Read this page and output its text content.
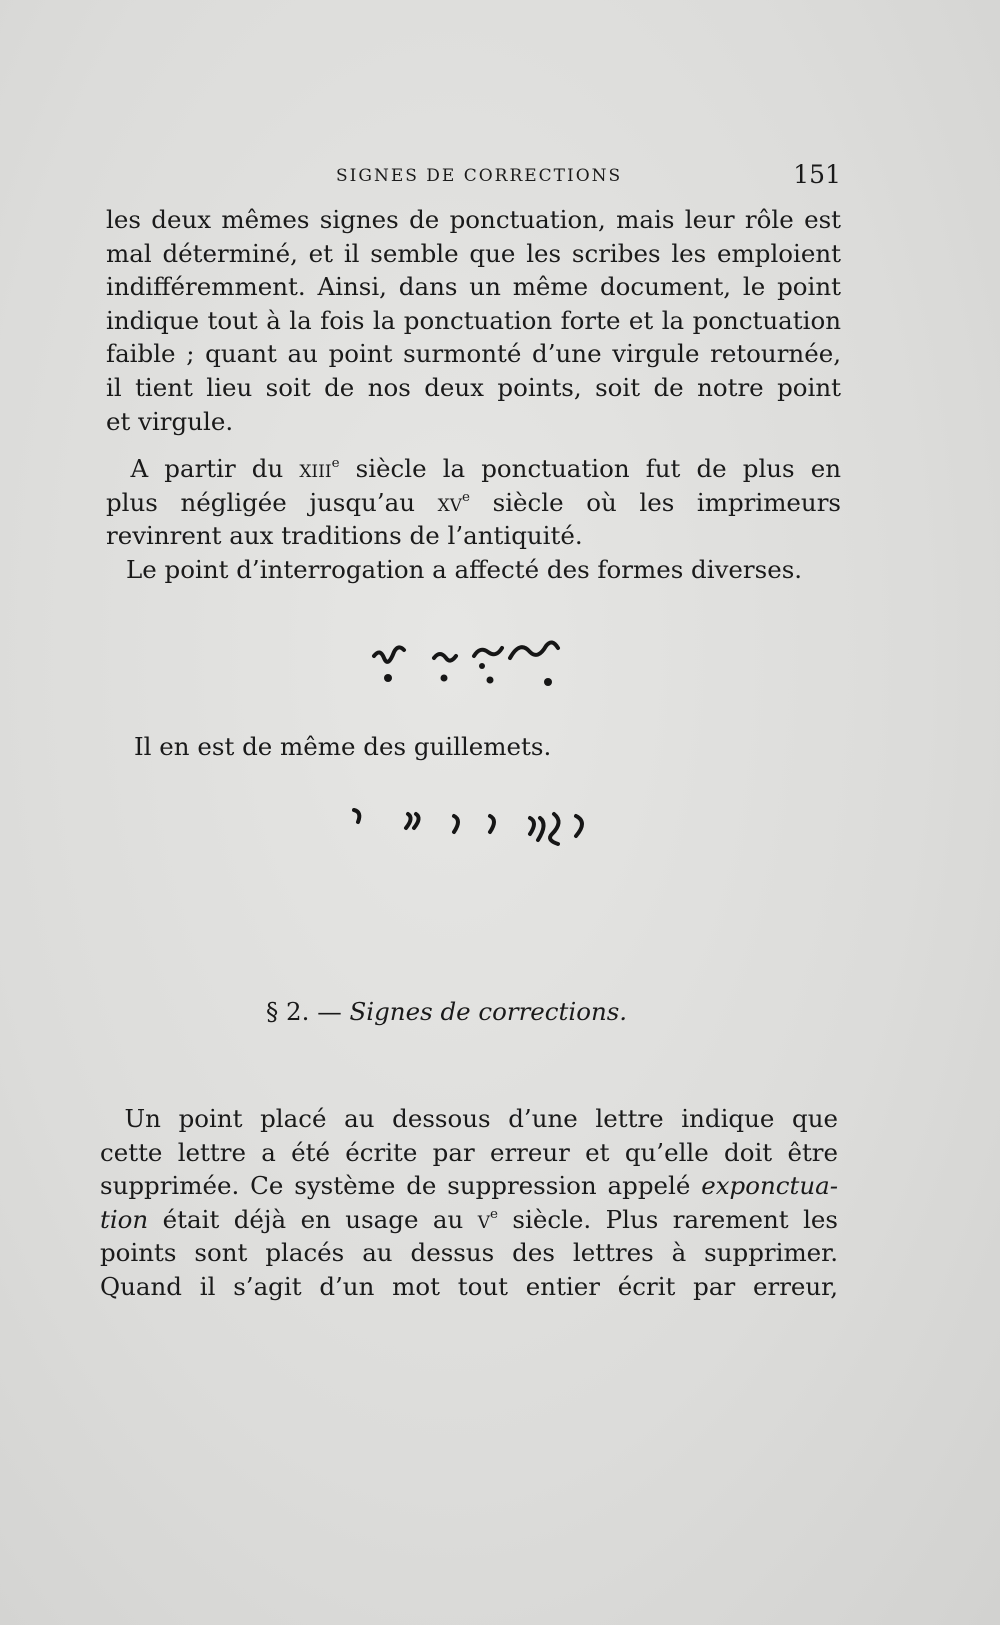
SIGNES DE CORRECTIONS	151
les deux mêmes signes de ponctuation, mais leur rôle est
mal déterminé, et il semble que les scribes les emploient
indifféremment. Ainsi, dans un même document, le point
indique tout à la fois la ponctuation forte et la ponctuation
faible ; quant au point surmonté d’une virgule retournée,
il tient lieu soit de nos deux points, soit de notre point
et virgule.
 A partir du xiii$^e$ siècle la ponctuation fut de plus en
plus négligée jusqu’au $xv^e$ siècle où les imprimeurs
revinrent aux traditions de l’antiquité.
Le point d’interrogation a affecté des formes diverses.
Il en est de même des guillemets.
§ 2. — Signes de corrections.
 Un point placé au dessous d’une lettre indique que
cette lettre a été écrite par erreur et qu’elle doit être
supprimée. Ce système de suppression appelé exponctua-
tion était déjà en usage au $v^e$ siècle. Plus rarement les
points sont placés au dessus des lettres à supprimer.
Quand il s’agit d’un mot tout entier écrit par erreur,
